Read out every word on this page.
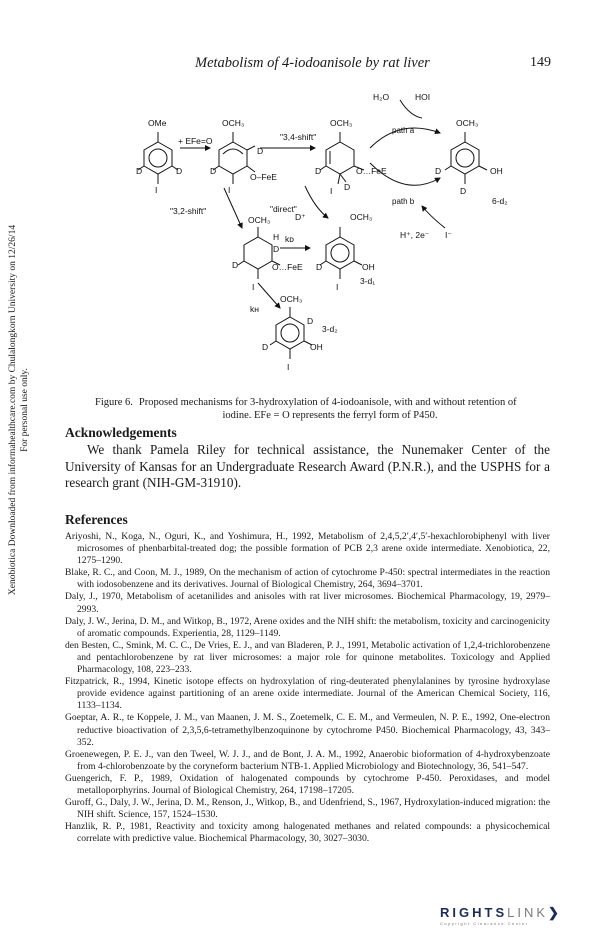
Metabolism of 4-iodoanisole by rat liver	149
Xenobiotica Downloaded from informahealthcare.com by Chulalongkorn University on 12/26/14 For personal use only.
OMe
D	D
I
+ EFe=O
OCH₃
"3,4-shift"
D
D
O–FeE
I
OCH₃
D	O…FeE
I D
H₂O	HOI
path a
OCH₃
D	OH
D
6-d₂
path b
H⁺, 2e⁻ I⁻
"direct"
"3,2-shift"
D⁺
OCH₃
H
D
kᴅ
D	O…FeE
I
OCH₃
D	OH
I
3-d₁
kʜ
OCH₃
D
3-d₂
D	OH
I
Figure 6. Proposed mechanisms for 3-hydroxylation of 4-iodoanisole, with and without retention of
iodine. EFe = O represents the ferryl form of P450.
Acknowledgements

We thank Pamela Riley for technical assistance, the Nunemaker Center of the University of Kansas for an Undergraduate Research Award (P.N.R.), and the USPHS for a research grant (NIH-GM-31910).

References

Ariyoshi, N., Koga, N., Oguri, K., and Yoshimura, H., 1992, Metabolism of 2,4,5,2′,4′,5′-hexachlorobiphenyl with liver microsomes of phenbarbital-treated dog; the possible formation of PCB 2,3 arene oxide intermediate. Xenobiotica, 22, 1275–1290.

Blake, R. C., and Coon, M. J., 1989, On the mechanism of action of cytochrome P-450: spectral intermediates in the reaction with iodosobenzene and its derivatives. Journal of Biological Chemistry, 264, 3694–3701.

Daly, J., 1970, Metabolism of acetanilides and anisoles with rat liver microsomes. Biochemical Pharmacology, 19, 2979–2993.

Daly, J. W., Jerina, D. M., and Witkop, B., 1972, Arene oxides and the NIH shift: the metabolism, toxicity and carcinogenicity of aromatic compounds. Experientia, 28, 1129–1149.

den Besten, C., Smink, M. C. C., De Vries, E. J., and van Bladeren, P. J., 1991, Metabolic activation of 1,2,4-trichlorobenzene and pentachlorobenzene by rat liver microsomes: a major role for quinone metabolites. Toxicology and Applied Pharmacology, 108, 223–233.

Fitzpatrick, R., 1994, Kinetic isotope effects on hydroxylation of ring-deuterated phenylalanines by tyrosine hydroxylase provide evidence against partitioning of an arene oxide intermediate. Journal of the American Chemical Society, 116, 1133–1134.

Goeptar, A. R., te Koppele, J. M., van Maanen, J. M. S., Zoetemelk, C. E. M., and Vermeulen, N. P. E., 1992, One-electron reductive bioactivation of 2,3,5,6-tetramethylbenzoquinone by cytochrome P450. Biochemical Pharmacology, 43, 343–352.

Groenewegen, P. E. J., van den Tweel, W. J. J., and de Bont, J. A. M., 1992, Anaerobic bioformation of 4-hydroxybenzoate from 4-chlorobenzoate by the coryneform bacterium NTB-1. Applied Microbiology and Biotechnology, 36, 541–547.

Guengerich, F. P., 1989, Oxidation of halogenated compounds by cytochrome P-450. Peroxidases, and model metalloporphyrins. Journal of Biological Chemistry, 264, 17198–17205.

Guroff, G., Daly, J. W., Jerina, D. M., Renson, J., Witkop, B., and Udenfriend, S., 1967, Hydroxylation-induced migration: the NIH shift. Science, 157, 1524–1530.

Hanzlik, R. P., 1981, Reactivity and toxicity among halogenated methanes and related compounds: a physicochemical correlate with predictive value. Biochemical Pharmacology, 30, 3027–3030.

RIGHTSLINK❯
Copyright Clearance Center
